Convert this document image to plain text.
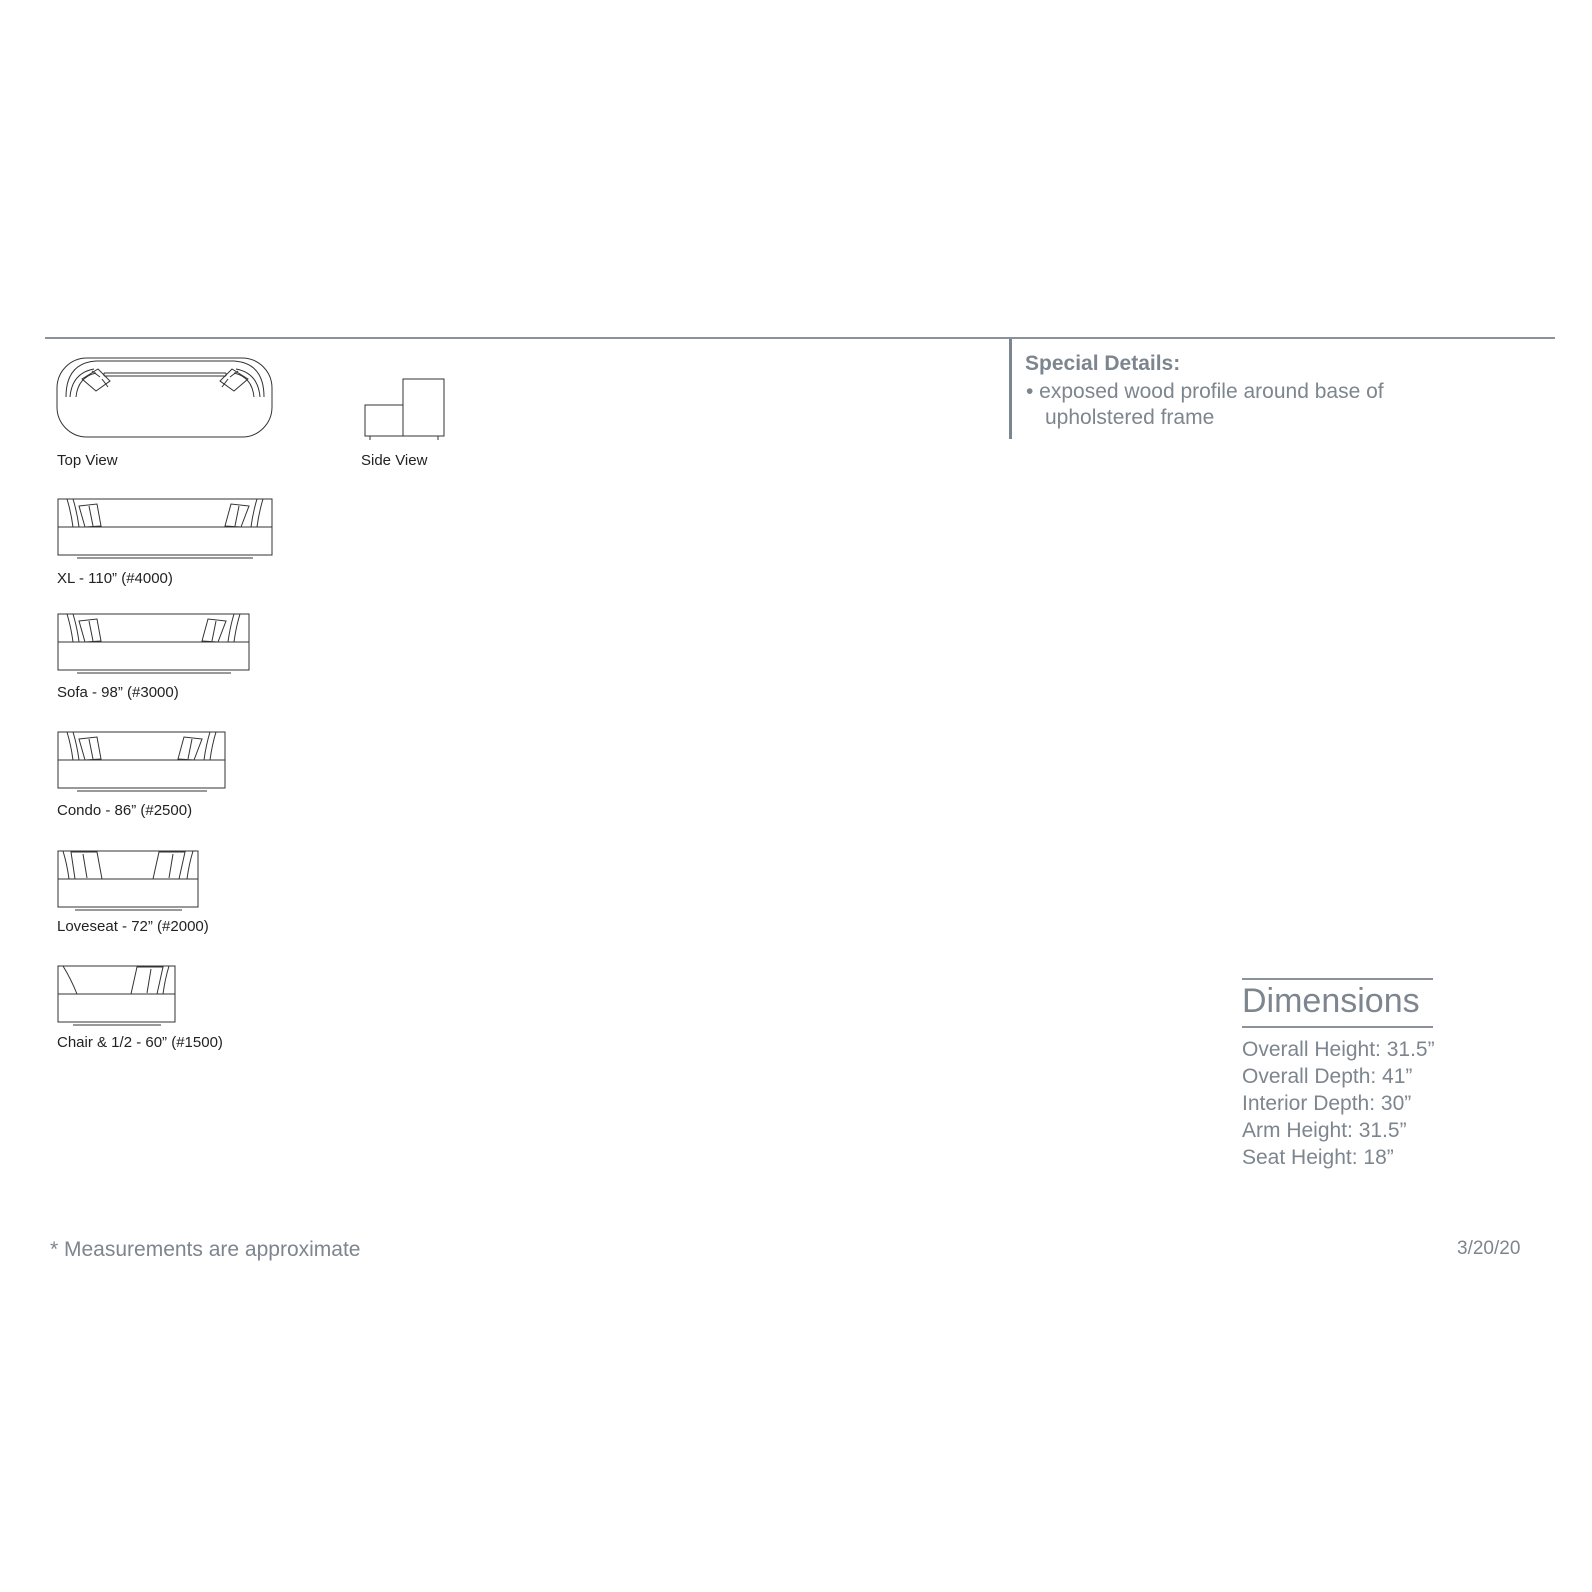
Top View	Side View
XL - 110” (#4000)
Sofa - 98” (#3000)
Condo - 86” (#2500)
Loveseat - 72” (#2000)
Chair & 1/2 - 60” (#1500)
Special Details:
• exposed wood profile around base of
upholstered frame
Dimensions
Overall Height: 31.5”
Overall Depth: 41”
Interior Depth: 30”
Arm Height: 31.5”
Seat Height: 18”
* Measurements are approximate	3/20/20
